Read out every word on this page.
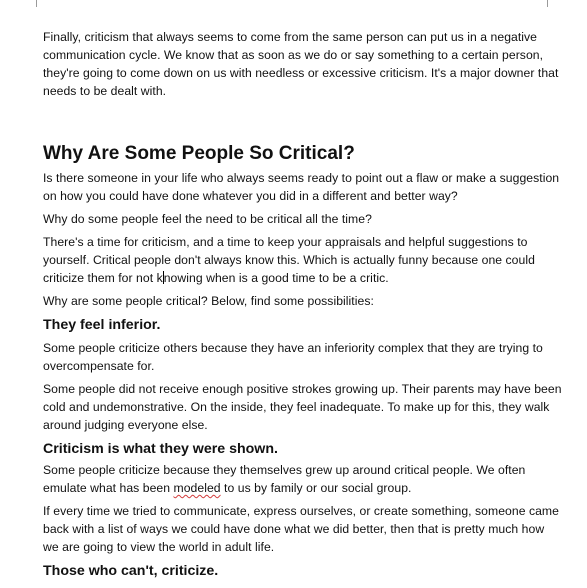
Finally, criticism that always seems to come from the same person can put us in a negative communication cycle. We know that as soon as we do or say something to a certain person, they're going to come down on us with needless or excessive criticism. It's a major downer that needs to be dealt with.

Why Are Some People So Critical?

Is there someone in your life who always seems ready to point out a flaw or make a suggestion on how you could have done whatever you did in a different and better way?

Why do some people feel the need to be critical all the time?

There's a time for criticism, and a time to keep your appraisals and helpful suggestions to yourself. Critical people don't always know this. Which is actually funny because one could criticize them for not knowing when is a good time to be a critic.

Why are some people critical? Below, find some possibilities:

They feel inferior.

Some people criticize others because they have an inferiority complex that they are trying to overcompensate for.

Some people did not receive enough positive strokes growing up. Their parents may have been cold and undemonstrative. On the inside, they feel inadequate. To make up for this, they walk around judging everyone else.

Criticism is what they were shown.

Some people criticize because they themselves grew up around critical people. We often emulate what has been modeled to us by family or our social group.

If every time we tried to communicate, express ourselves, or create something, someone came back with a list of ways we could have done what we did better, then that is pretty much how we are going to view the world in adult life.

Those who can't, criticize.
